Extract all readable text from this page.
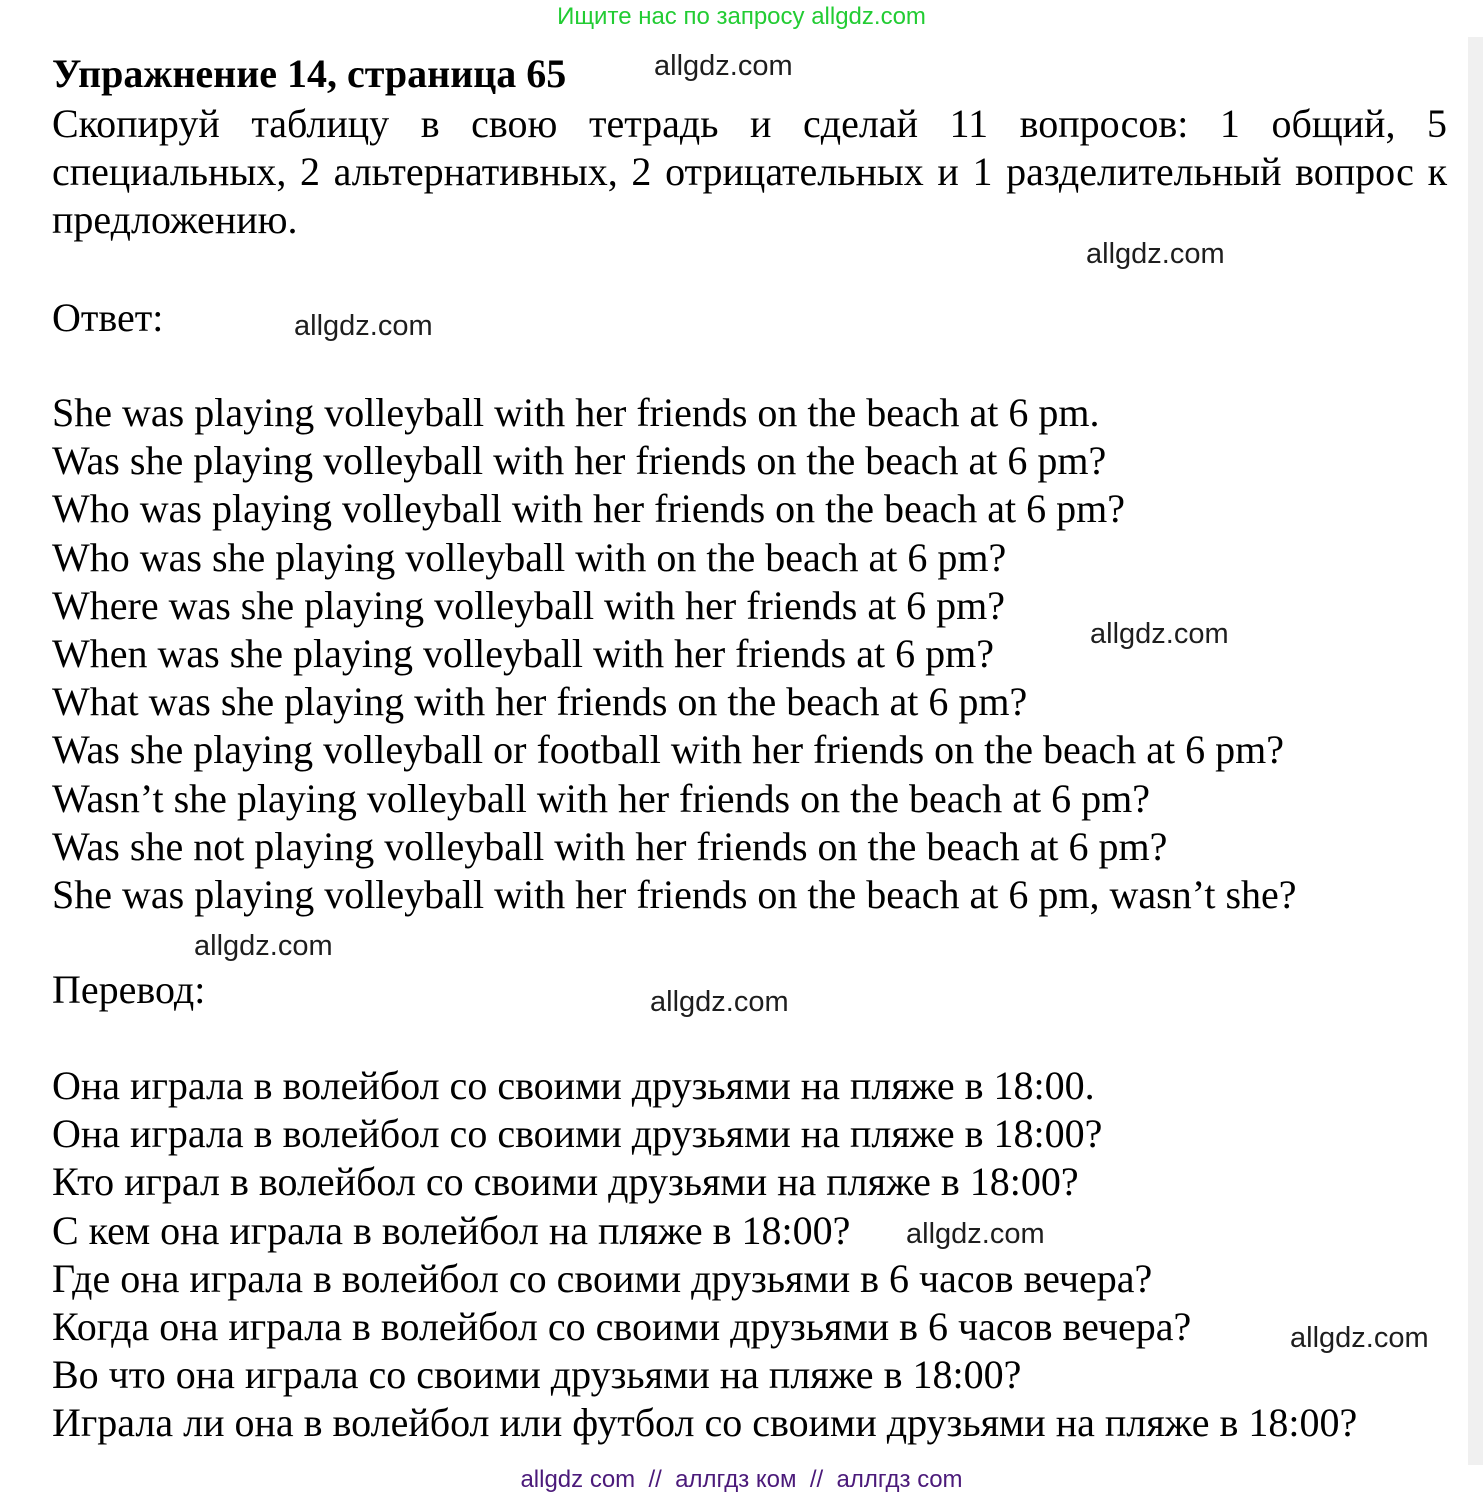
Ищите нас по запросу allgdz.com
Упражнение 14, страница 65
Скопируй таблицу в свою тетрадь и сделай 11 вопросов: 1 общий, 5 специальных, 2 альтернативных, 2 отрицательных и 1 разделительный вопрос к предложению.
Ответ:
She was playing volleyball with her friends on the beach at 6 pm.
Was she playing volleyball with her friends on the beach at 6 pm?
Who was playing volleyball with her friends on the beach at 6 pm?
Who was she playing volleyball with on the beach at 6 pm?
Where was she playing volleyball with her friends at 6 pm?
When was she playing volleyball with her friends at 6 pm?
What was she playing with her friends on the beach at 6 pm?
Was she playing volleyball or football with her friends on the beach at 6 pm?
Wasn’t she playing volleyball with her friends on the beach at 6 pm?
Was she not playing volleyball with her friends on the beach at 6 pm?
She was playing volleyball with her friends on the beach at 6 pm, wasn’t she?
Перевод:
Она играла в волейбол со своими друзьями на пляже в 18:00.
Она играла в волейбол со своими друзьями на пляже в 18:00?
Кто играл в волейбол со своими друзьями на пляже в 18:00?
С кем она играла в волейбол на пляже в 18:00?
Где она играла в волейбол со своими друзьями в 6 часов вечера?
Когда она играла в волейбол со своими друзьями в 6 часов вечера?
Во что она играла со своими друзьями на пляже в 18:00?
Играла ли она в волейбол или футбол со своими друзьями на пляже в 18:00?
allgdz.com
allgdz.com
allgdz.com
allgdz.com
allgdz.com
allgdz.com
allgdz.com
allgdz.com
allgdz com  //  аллгдз ком  //  аллгдз com
